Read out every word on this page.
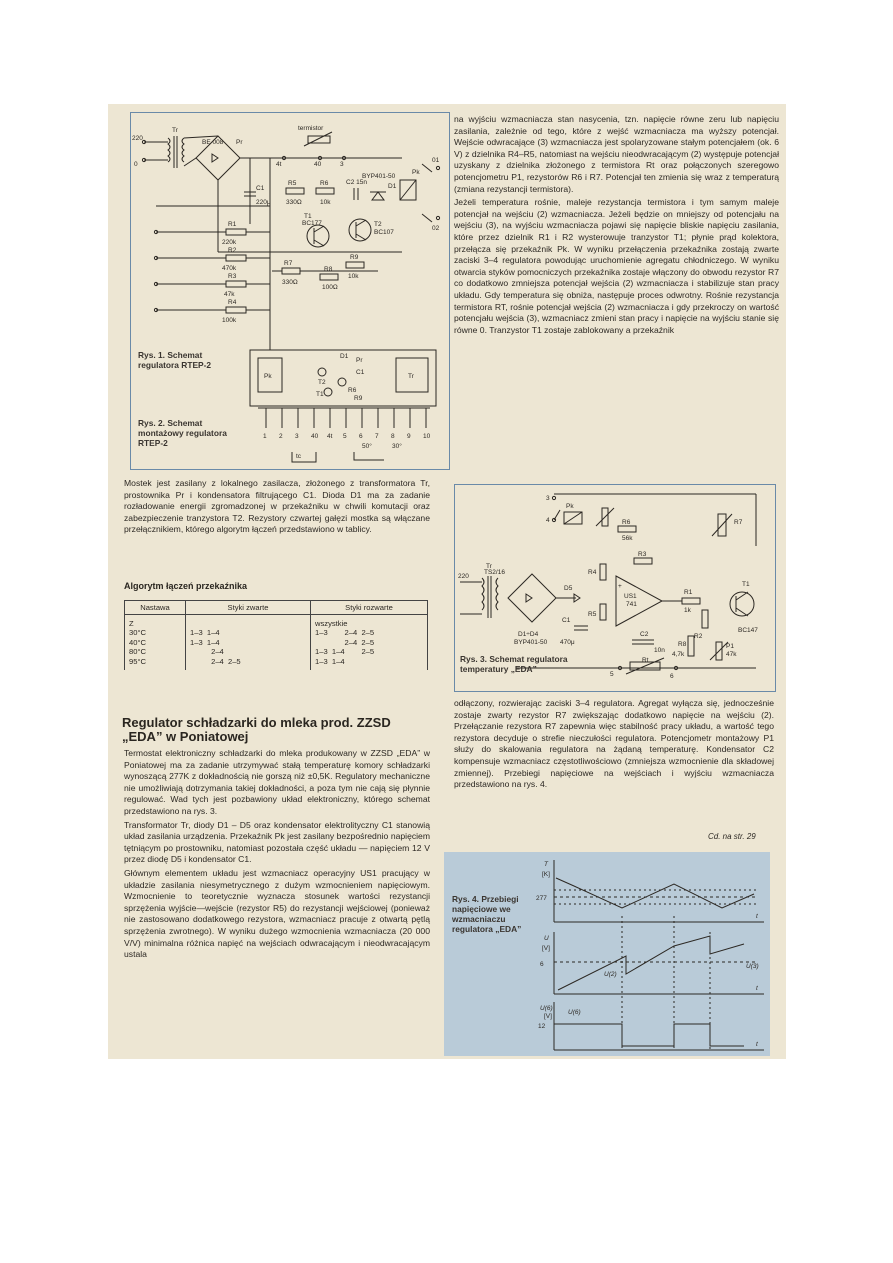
220
0
Tr
BE 008 Pr
C1
220μ
termistor
4t	40	3
R5
330Ω
R6
10k
C2 15n
D1
BYP401-50
Pk
01
02
T1
BC177	T2
BC107
R7
330Ω
R8
100Ω
R9
10k
R1
220k
R2
470k
R3
47k
R4
100k
Rys. 1. Schemat regulatora RTEP-2
Pk	Tr
D1
Pr
C1
T2
T1
R6
R9
1 2 3 40 4t 5 6 7 8 9 10
tc
50°	30°
Rys. 2. Schemat montażowy regulatora RTEP-2

na wyjściu wzmacniacza stan nasycenia, tzn. napięcie równe zeru lub napięciu zasilania, zależnie od tego, które z wejść wzmacniacza ma wyższy potencjał. Wejście odwracające (3) wzmacniacza jest spolaryzowane stałym potencjałem (ok. 6 V) z dzielnika R4–R5, natomiast na wejściu nieodwracającym (2) występuje potencjał uzyskany z dzielnika złożonego z termistora Rt oraz połączonych szeregowo potencjometru P1, rezystorów R6 i R7. Potencjał ten zmienia się wraz z temperaturą (zmiana rezystancji termistora).

Jeżeli temperatura rośnie, maleje rezystancja termistora i tym samym maleje potencjał na wejściu (2) wzmacniacza. Jeżeli będzie on mniejszy od potencjału na wejściu (3), na wyjściu wzmacniacza pojawi się napięcie bliskie napięciu zasilania, które przez dzielnik R1 i R2 wysterowuje tranzystor T1; płynie prąd kolektora, przełącza się przekaźnik Pk. W wyniku przełączenia przekaźnika zostają zwarte zaciski 3–4 regulatora powodując uruchomienie agregatu chłodniczego. W wyniku otwarcia styków pomocniczych przekaźnika zostaje włączony do obwodu rezystor R7 co dodatkowo zmniejsza potencjał wejścia (2) wzmacniacza i stabilizuje stan pracy układu. Gdy temperatura się obniża, następuje proces odwrotny. Rośnie rezystancja termistora RT, rośnie potencjał wejścia (2) wzmacniacza i gdy przekroczy on wartość potencjału wejścia (3), wzmacniacz zmieni stan pracy i napięcie na wyjściu stanie się równe 0. Tranzystor T1 zostaje zablokowany a przekaźnik

Mostek jest zasilany z lokalnego zasilacza, złożonego z transformatora Tr, prostownika Pr i kondensatora filtrującego C1. Dioda D1 ma za zadanie rozładowanie energii zgromadzonej w przekaźniku w chwili komutacji oraz zabezpieczenie tranzystora T2. Rezystory czwartej gałęzi mostka są włączane przełącznikiem, którego algorytm łączeń przedstawiono w tablicy.

Algorytm łączeń przekaźnika
Nastawa	Styki zwarte	Styki rozwarte
Z		wszystkie
30°C	1–3  1–4	1–3        2–4  2–5
40°C	1–3  1–4	2–4  2–5
80°C	2–4	1–3  1–4        2–5
95°C	2–4  2–5	1–3  1–4
Regulator schładzarki do mleka prod. ZZSD „EDA” w Poniatowej

Termostat elektroniczny schładzarki do mleka produkowany w ZZSD „EDA” w Poniatowej ma za zadanie utrzymywać stałą temperaturę komory schładzarki wynoszącą 277K z dokładnością nie gorszą niż ±0,5K. Regulatory mechaniczne nie umożliwiają dotrzymania takiej dokładności, a poza tym nie cają się płynnie regulować. Wad tych jest pozbawiony układ elektroniczny, którego schemat przedstawiono na rys. 3.

Transformator Tr, diody D1 – D5 oraz kondensator elektrolityczny C1 stanowią układ zasilania urządzenia. Przekaźnik Pk jest zasilany bezpośrednio napięciem tętniącym po prostowniku, natomiast pozostała część układu — napięciem 12 V przez diodę D5 i kondensator C1.

Głównym elementem układu jest wzmacniacz operacyjny US1 pracujący w układzie zasilania niesymetrycznego z dużym wzmocnieniem napięciowym. Wzmocnienie to teoretycznie wyznacza stosunek wartości rezystancji sprzężenia wyjście—wejście (rezystor R5) do rezystancji wejściowej (ponieważ nie zastosowano dodatkowego rezystora, wzmacniacz pracuje z otwartą pętlą sprzężenia zwrotnego). W wyniku dużego wzmocnienia wzmacniacza (20 000 V/V) minimalna różnica napięć na wejściach odwracającym i nieodwracającym ustala

3
4
Pk
R6
56k
R7
US1
741
+
R4
R5
R3
R1
1k
R2
T1
BC147
C2
10n
220
Tr
TS2/16
D1÷D4
BYP401-50
D5
C1
470μ	R8
4,7k
Rt
5	6
P1
47k
Rys. 3. Schemat regulatora temperatury „EDA”

odłączony, rozwierając zaciski 3–4 regulatora. Agregat wyłącza się, jednocześnie zostaje zwarty rezystor R7 zwiększając dodatkowo napięcie na wejściu (2). Przełączanie rezystora R7 zapewnia więc stabilność pracy układu, a wartość tego rezystora decyduje o strefie nieczułości regulatora. Potencjometr montażowy P1 służy do skalowania regulatora na żądaną temperaturę. Kondensator C2 kompensuje wzmacniacz częstotliwościowo (zmniejsza wzmocnienie dla składowej zmiennej). Przebiegi napięciowe na wejściach i wyjściu wzmacniacza przedstawiono na rys. 4.

Cd. na str. 29
Rys. 4. Przebiegi napięciowe we wzmacniaczu regulatora „EDA”
T
[K]
277
t
U
[V]
6	U(3)
U(2)
t
U(6)
[V]
U(6)
12
t
